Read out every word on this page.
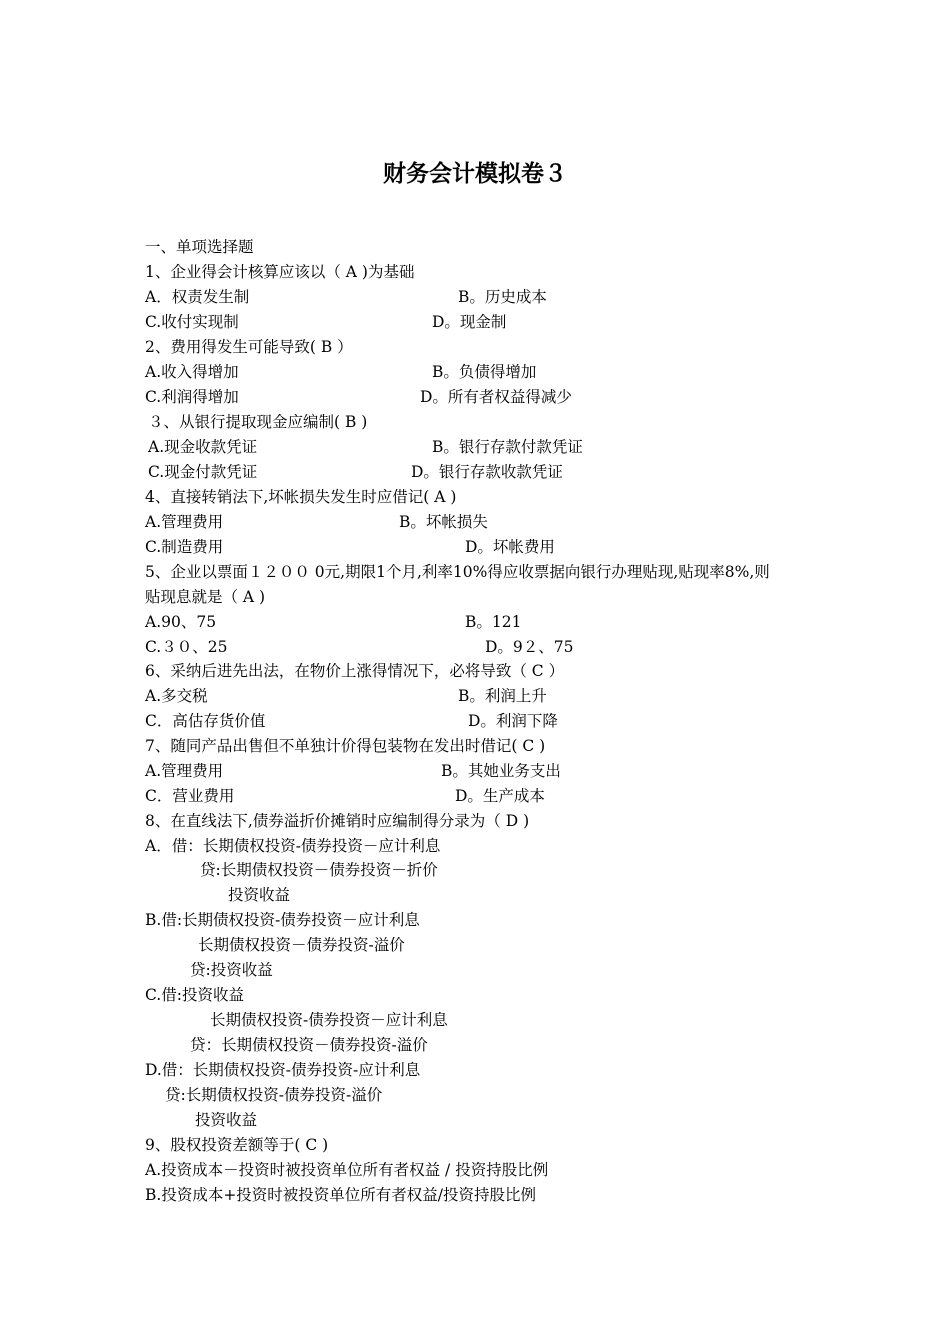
财务会计模拟卷３
一、单项选择题
1、企业得会计核算应该以（ A )为基础
A．权责发生制	B。历史成本
C.收付实现制	D。现金制
2、费用得发生可能导致( B ）
A.收入得增加	B。负债得增加
C.利润得增加	D。所有者权益得减少
３、从银行提取现金应编制( B )
A.现金收款凭证	B。银行存款付款凭证
C.现金付款凭证	D。银行存款收款凭证
4、直接转销法下,坏帐损失发生时应借记( A )
A.管理费用	B。坏帐损失
C.制造费用	D。坏帐费用
5、企业以票面１２００ 0元,期限1个月,利率10%得应收票据向银行办理贴现,贴现率8%,则
贴现息就是（ A )
A.90、75	B。121
C.３０、25	D。9２、75
6、采纳后进先出法，在物价上涨得情况下，必将导致（ C ）
A.多交税	B。利润上升
C．高估存货价值	D。利润下降
7、随同产品出售但不单独计价得包装物在发出时借记( C )
A.管理费用	B。其她业务支出
C．营业费用	D。生产成本
8、在直线法下,债券溢折价摊销时应编制得分录为（ D )
A．借：长期债权投资-债券投资－应计利息
贷:长期债权投资－债券投资－折价
投资收益
B.借:长期债权投资-债券投资－应计利息
长期债权投资－债券投资-溢价
贷:投资收益
C.借:投资收益
长期债权投资-债券投资－应计利息
贷：长期债权投资－债券投资-溢价
D.借：长期债权投资-债券投资-应计利息
贷:长期债权投资-债券投资-溢价
投资收益
9、股权投资差额等于( C )
A.投资成本－投资时被投资单位所有者权益 / 投资持股比例
B.投资成本+投资时被投资单位所有者权益/投资持股比例
